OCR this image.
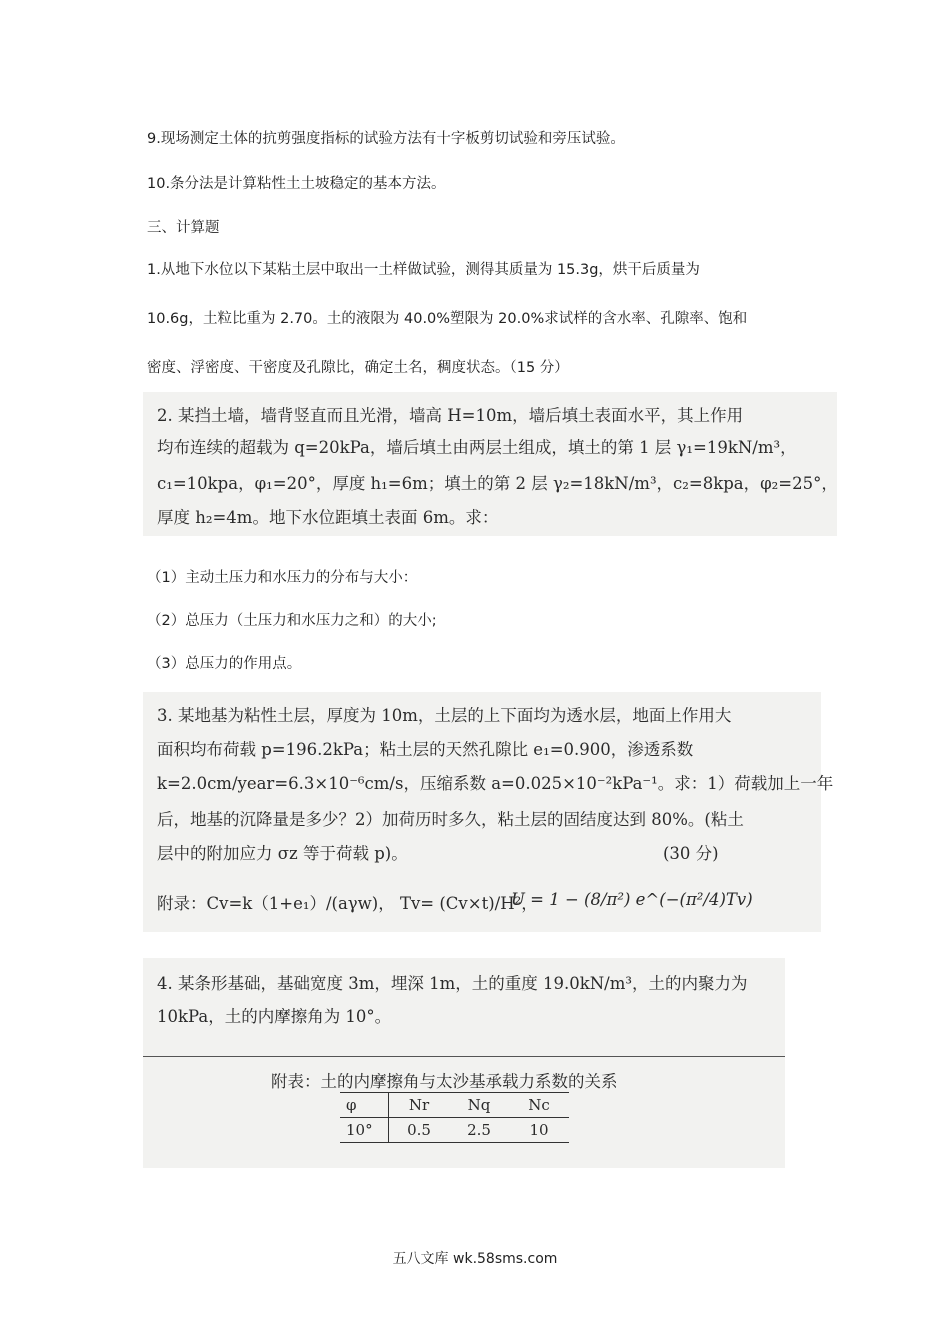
9.现场测定土体的抗剪强度指标的试验方法有十字板剪切试验和旁压试验。
10.条分法是计算粘性土土坡稳定的基本方法。
三、计算题
1.从地下水位以下某粘土层中取出一土样做试验，测得其质量为 15.3g，烘干后质量为
10.6g，土粒比重为 2.70。土的液限为 40.0%塑限为 20.0%求试样的含水率、孔隙率、饱和
密度、浮密度、干密度及孔隙比，确定土名，稠度状态。（15 分）
2. 某挡土墙，墙背竖直而且光滑，墙高 H=10m，墙后填土表面水平，其上作用
均布连续的超载为 q=20kPa，墙后填土由两层土组成，填土的第 1 层 γ₁=19kN/m³，
c₁=10kpa，φ₁=20°，厚度 h₁=6m；填土的第 2 层 γ₂=18kN/m³，c₂=8kpa，φ₂=25°，
厚度 h₂=4m。地下水位距填土表面 6m。求：
（1）主动土压力和水压力的分布与大小：
（2）总压力（土压力和水压力之和）的大小;
（3）总压力的作用点。
3. 某地基为粘性土层，厚度为 10m，土层的上下面均为透水层，地面上作用大
面积均布荷载 p=196.2kPa；粘土层的天然孔隙比 e₁=0.900，渗透系数
k=2.0cm/year=6.3×10⁻⁶cm/s，压缩系数 a=0.025×10⁻²kPa⁻¹。求：1）荷载加上一年
后，地基的沉降量是多少？2）加荷历时多久，粘土层的固结度达到 80%。(粘土
层中的附加应力 σz 等于荷载 p)。	(30 分)
附录：Cv=k（1+e₁）/(aγw)， Tv= (Cv×t)/H²，
U = 1 − (8/π²) e^(−(π²/4)Tv)
4. 某条形基础，基础宽度 3m，埋深 1m，土的重度 19.0kN/m³，土的内聚力为
10kPa，土的内摩擦角为 10°。
附表：土的内摩擦角与太沙基承载力系数的关系
φ	Nr	Nq	Nc
10°	0.5	2.5	10
五八文库 wk.58sms.com
